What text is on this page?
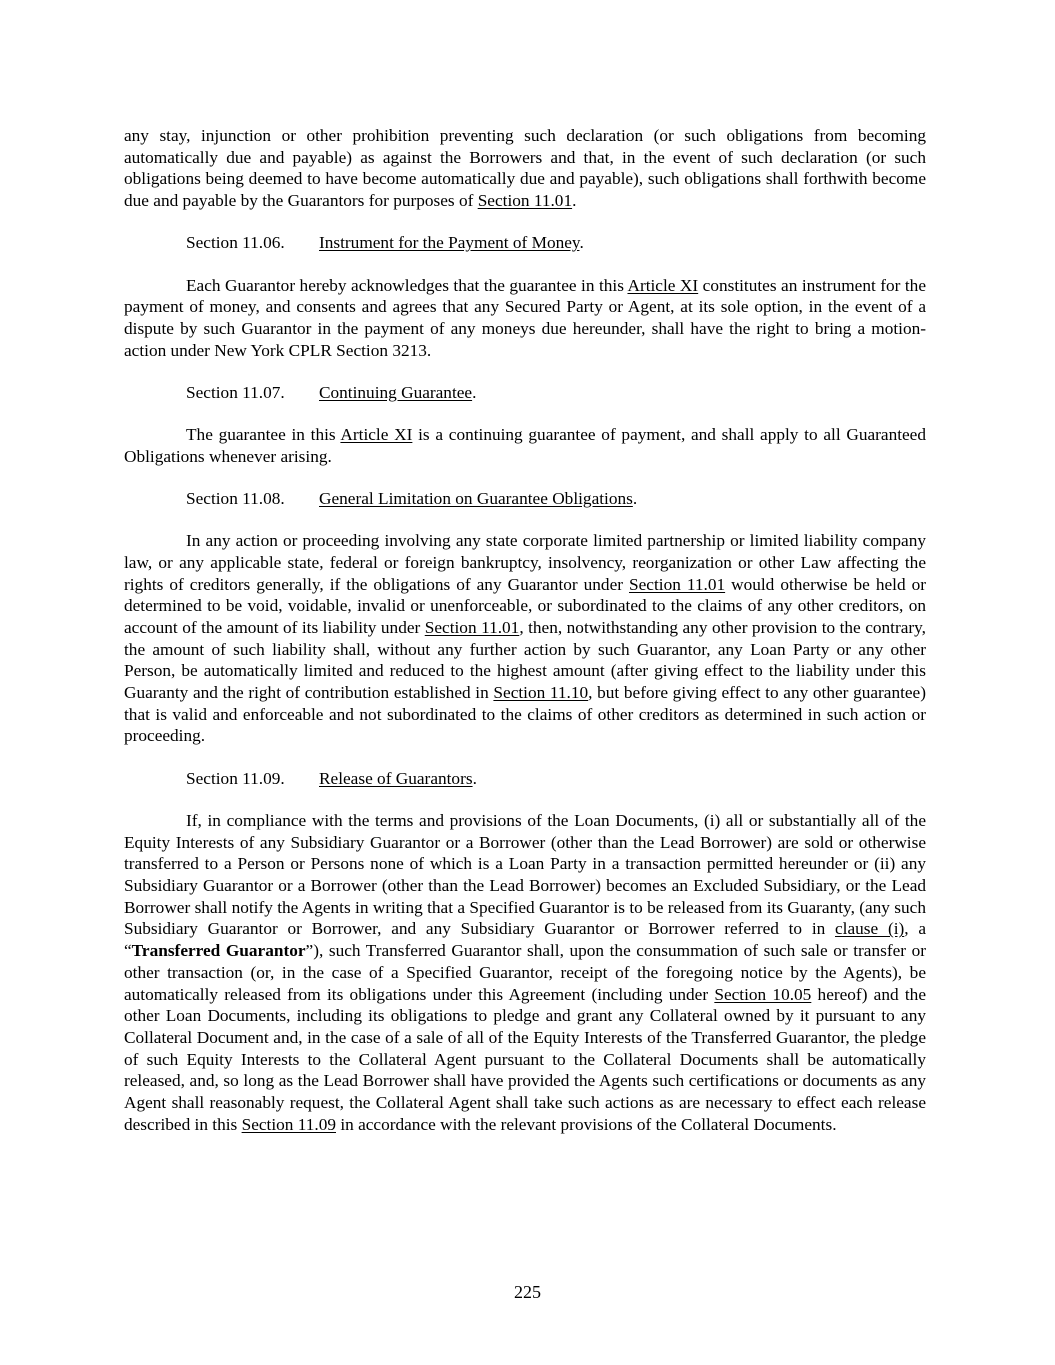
any stay, injunction or other prohibition preventing such declaration (or such obligations from becoming automatically due and payable) as against the Borrowers and that, in the event of such declaration (or such obligations being deemed to have become automatically due and payable), such obligations shall forthwith become due and payable by the Guarantors for purposes of Section 11.01.

Section 11.06. Instrument for the Payment of Money.

Each Guarantor hereby acknowledges that the guarantee in this Article XI constitutes an instrument for the payment of money, and consents and agrees that any Secured Party or Agent, at its sole option, in the event of a dispute by such Guarantor in the payment of any moneys due hereunder, shall have the right to bring a motion-action under New York CPLR Section 3213.

Section 11.07. Continuing Guarantee.

The guarantee in this Article XI is a continuing guarantee of payment, and shall apply to all Guaranteed Obligations whenever arising.

Section 11.08. General Limitation on Guarantee Obligations.

In any action or proceeding involving any state corporate limited partnership or limited liability company law, or any applicable state, federal or foreign bankruptcy, insolvency, reorganization or other Law affecting the rights of creditors generally, if the obligations of any Guarantor under Section 11.01 would otherwise be held or determined to be void, voidable, invalid or unenforceable, or subordinated to the claims of any other creditors, on account of the amount of its liability under Section 11.01, then, notwithstanding any other provision to the contrary, the amount of such liability shall, without any further action by such Guarantor, any Loan Party or any other Person, be automatically limited and reduced to the highest amount (after giving effect to the liability under this Guaranty and the right of contribution established in Section 11.10, but before giving effect to any other guarantee) that is valid and enforceable and not subordinated to the claims of other creditors as determined in such action or proceeding.

Section 11.09. Release of Guarantors.

If, in compliance with the terms and provisions of the Loan Documents, (i) all or substantially all of the Equity Interests of any Subsidiary Guarantor or a Borrower (other than the Lead Borrower) are sold or otherwise transferred to a Person or Persons none of which is a Loan Party in a transaction permitted hereunder or (ii) any Subsidiary Guarantor or a Borrower (other than the Lead Borrower) becomes an Excluded Subsidiary, or the Lead Borrower shall notify the Agents in writing that a Specified Guarantor is to be released from its Guaranty, (any such Subsidiary Guarantor or Borrower, and any Subsidiary Guarantor or Borrower referred to in clause (i), a “Transferred Guarantor”), such Transferred Guarantor shall, upon the consummation of such sale or transfer or other transaction (or, in the case of a Specified Guarantor, receipt of the foregoing notice by the Agents), be automatically released from its obligations under this Agreement (including under Section 10.05 hereof) and the other Loan Documents, including its obligations to pledge and grant any Collateral owned by it pursuant to any Collateral Document and, in the case of a sale of all of the Equity Interests of the Transferred Guarantor, the pledge of such Equity Interests to the Collateral Agent pursuant to the Collateral Documents shall be automatically released, and, so long as the Lead Borrower shall have provided the Agents such certifications or documents as any Agent shall reasonably request, the Collateral Agent shall take such actions as are necessary to effect each release described in this Section 11.09 in accordance with the relevant provisions of the Collateral Documents.

225
